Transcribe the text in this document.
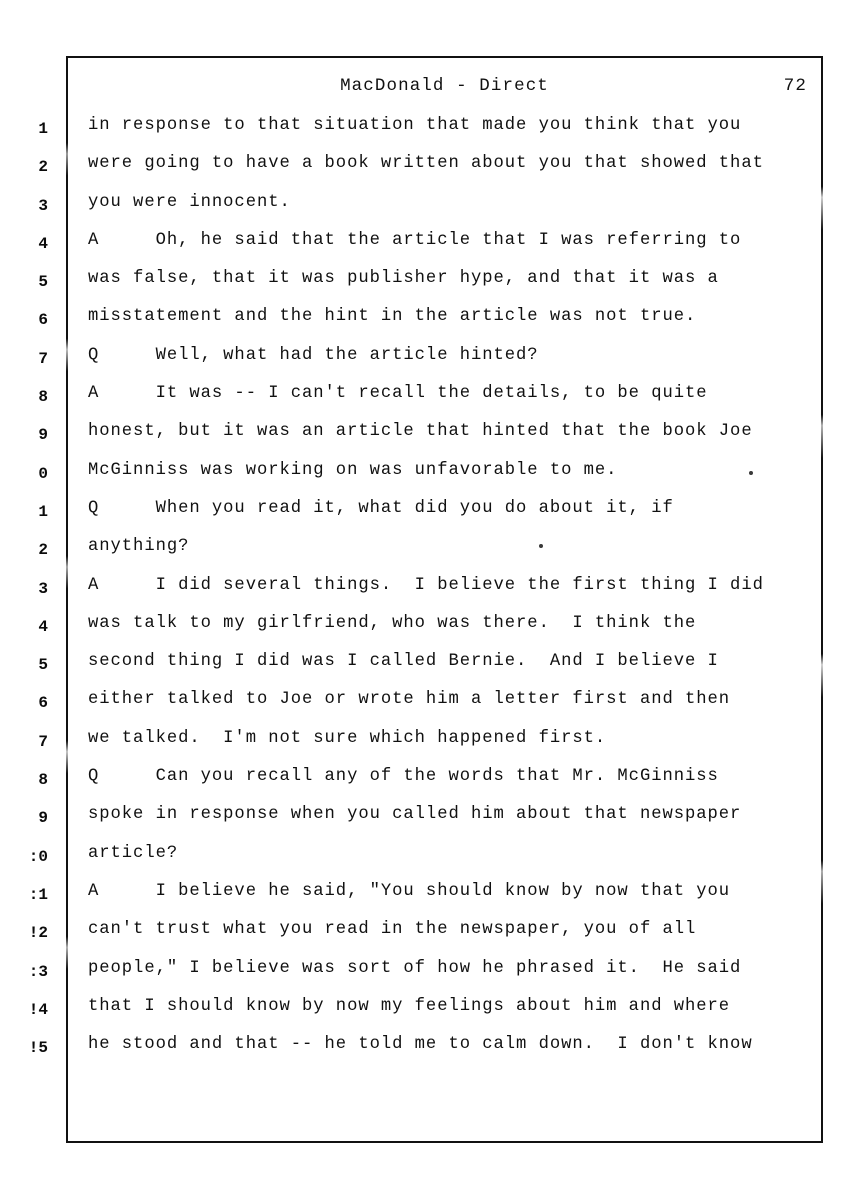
MacDonald - Direct	72
1 in response to that situation that made you think that you
2 were going to have a book written about you that showed that
3 you were innocent.
4 A     Oh, he said that the article that I was referring to
5 was false, that it was publisher hype, and that it was a
6 misstatement and the hint in the article was not true.
7 Q     Well, what had the article hinted?
8 A     It was -- I can't recall the details, to be quite
9 honest, but it was an article that hinted that the book Joe
0 McGinniss was working on was unfavorable to me.
1 Q     When you read it, what did you do about it, if
2 anything?
3 A     I did several things.  I believe the first thing I did
4 was talk to my girlfriend, who was there.  I think the
5 second thing I did was I called Bernie.  And I believe I
6 either talked to Joe or wrote him a letter first and then
7 we talked.  I'm not sure which happened first.
8 Q     Can you recall any of the words that Mr. McGinniss
9 spoke in response when you called him about that newspaper
:0 article?
:1 A     I believe he said, "You should know by now that you
!2 can't trust what you read in the newspaper, you of all
:3 people," I believe was sort of how he phrased it.  He said
!4 that I should know by now my feelings about him and where
!5 he stood and that -- he told me to calm down.  I don't know
